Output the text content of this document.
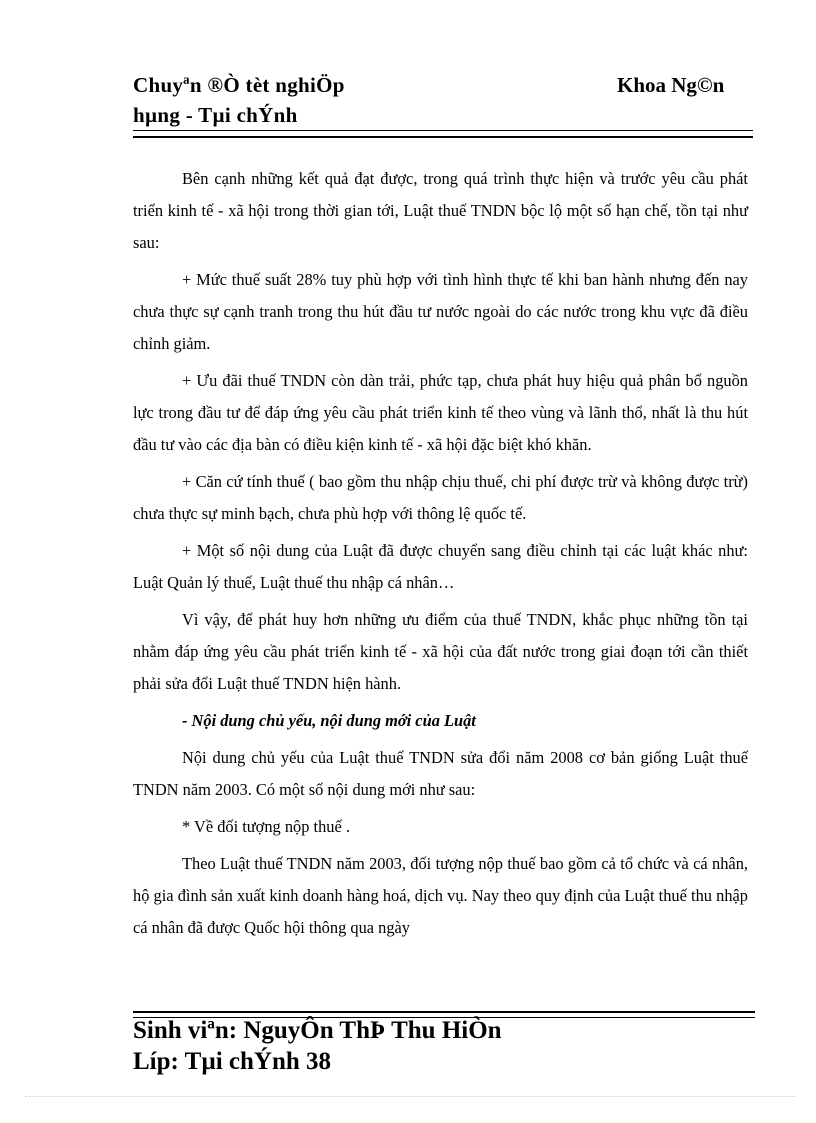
Chuyªn ®Ò tèt nghiÖp
hµng - Tµi chÝnh
Khoa Ng©n

Bên cạnh những kết quả đạt được, trong quá trình thực hiện và trước yêu cầu phát triển kinh tế - xã hội trong thời gian tới, Luật thuế TNDN bộc lộ một số hạn chế, tồn tại như sau:

+ Mức thuế suất 28% tuy phù hợp với tình hình thực tế khi ban hành nhưng đến nay chưa thực sự cạnh tranh trong thu hút đầu tư nước ngoài do các nước trong khu vực đã điều chỉnh giảm.

+ Ưu đãi thuế TNDN còn dàn trải, phức tạp, chưa phát huy hiệu quả phân bổ nguồn lực trong đầu tư để đáp ứng yêu cầu phát triển kinh tế theo vùng và lãnh thổ, nhất là thu hút đầu tư vào các địa bàn có điều kiện kinh tế - xã hội đặc biệt khó khăn.

+ Căn cứ tính thuế ( bao gồm thu nhập chịu thuế, chi phí được trừ và không được trừ) chưa thực sự minh bạch, chưa phù hợp với thông lệ quốc tế.

+ Một số nội dung của Luật đã được chuyển sang điều chỉnh tại các luật khác như: Luật Quản lý thuế, Luật thuế thu nhập cá nhân…

Vì vậy, để phát huy hơn những ưu điểm của thuế TNDN, khắc phục những tồn tại nhằm đáp ứng yêu cầu phát triển kinh tế - xã hội của đất nước trong giai đoạn tới cần thiết phải sửa đổi Luật thuế TNDN hiện hành.

- Nội dung chủ yếu, nội dung mới của Luật

Nội dung chủ yếu của Luật thuế TNDN sửa đổi năm 2008 cơ bản giống Luật thuế TNDN năm 2003. Có một số nội dung mới như sau:

* Về đối tượng nộp thuế .

Theo Luật thuế TNDN năm 2003, đối tượng nộp thuế bao gồm cả tổ chức và cá nhân, hộ gia đình sản xuất kinh doanh hàng hoá, dịch vụ. Nay theo quy định của Luật thuế thu nhập cá nhân đã được Quốc hội thông qua ngày

Sinh viªn: NguyÔn ThÞ Thu HiÒn
Líp: Tµi chÝnh 38
